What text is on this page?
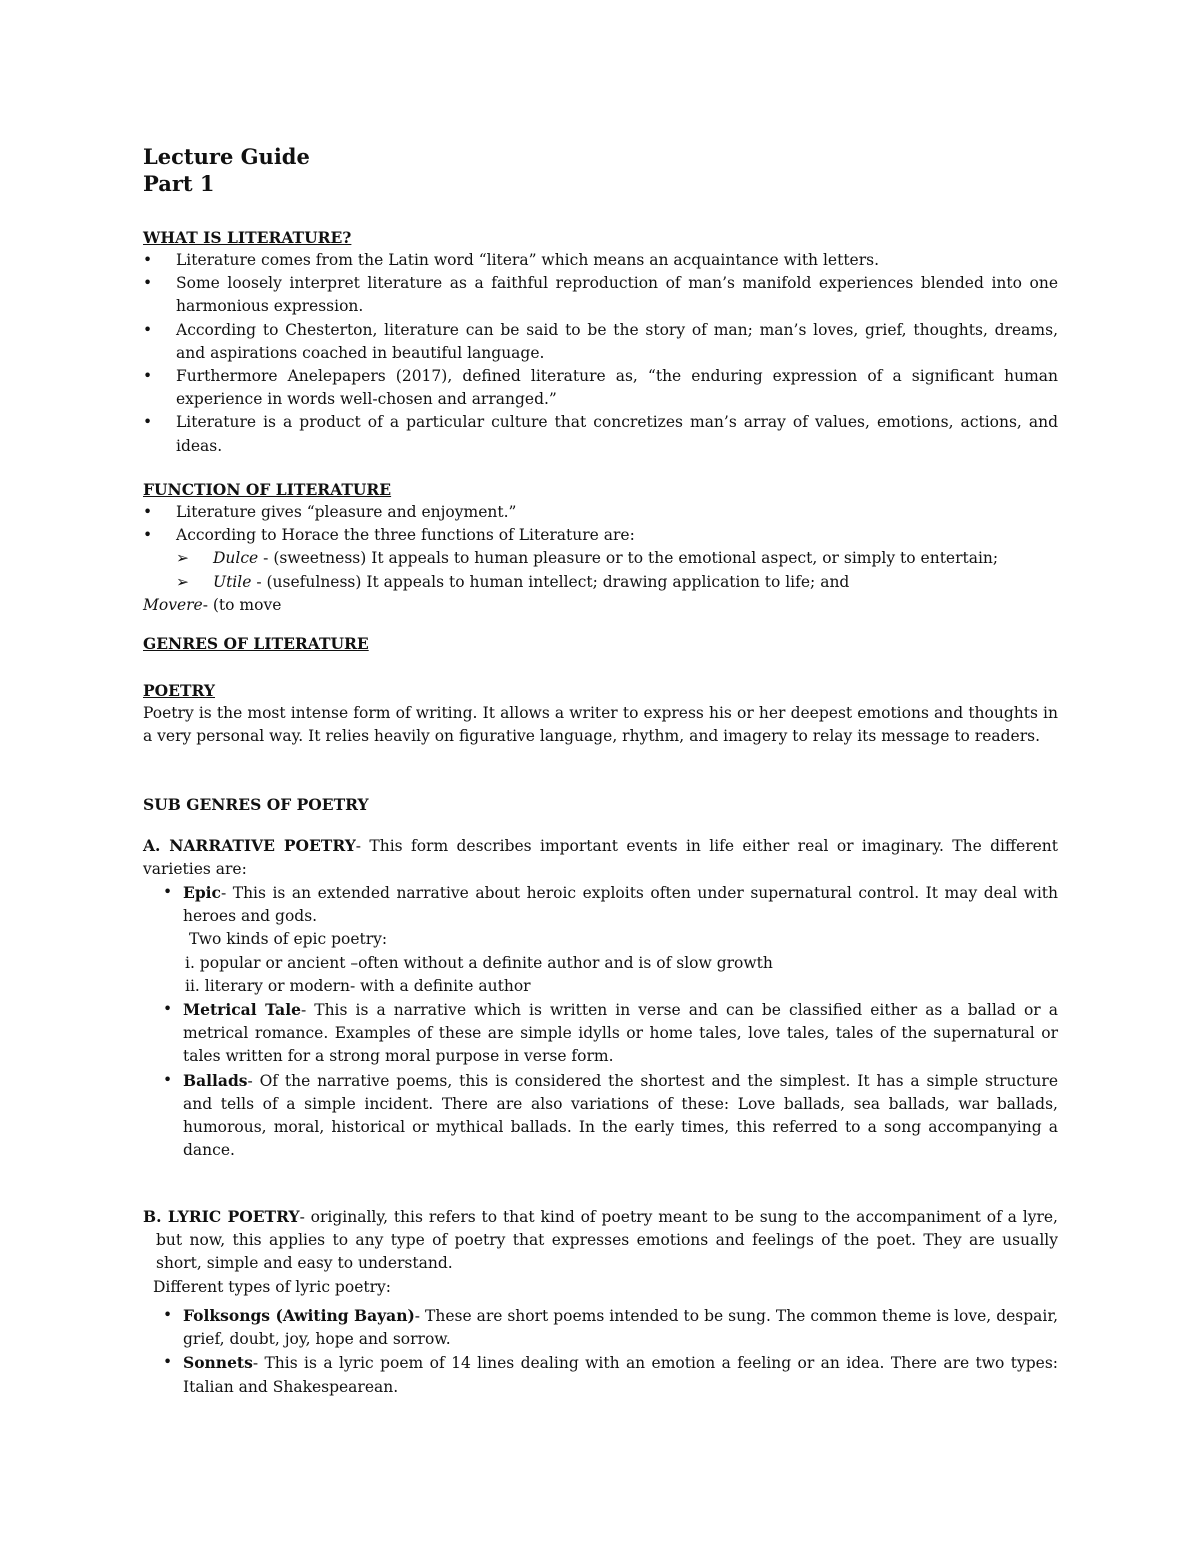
Lecture Guide
Part 1
WHAT IS LITERATURE?
• Literature comes from the Latin word “litera” which means an acquaintance with letters.
• Some loosely interpret literature as a faithful reproduction of man’s manifold experiences blended into one harmonious expression.
• According to Chesterton, literature can be said to be the story of man; man’s loves, grief, thoughts, dreams, and aspirations coached in beautiful language.
• Furthermore Anelepapers (2017), defined literature as, “the enduring expression of a significant human experience in words well-chosen and arranged.”
• Literature is a product of a particular culture that concretizes man’s array of values, emotions, actions, and ideas.
FUNCTION OF LITERATURE
• Literature gives “pleasure and enjoyment.”
• According to Horace the three functions of Literature are:
➢ Dulce - (sweetness) It appeals to human pleasure or to the emotional aspect, or simply to entertain;
➢ Utile - (usefulness) It appeals to human intellect; drawing application to life; and
Movere- (to move
GENRES OF LITERATURE
POETRY
Poetry is the most intense form of writing. It allows a writer to express his or her deepest emotions and thoughts in a very personal way. It relies heavily on figurative language, rhythm, and imagery to relay its message to readers.
SUB GENRES OF POETRY
A. NARRATIVE POETRY- This form describes important events in life either real or imaginary. The different varieties are:
• Epic- This is an extended narrative about heroic exploits often under supernatural control. It may deal with heroes and gods.
Two kinds of epic poetry:
i. popular or ancient –often without a definite author and is of slow growth
ii. literary or modern- with a definite author
• Metrical Tale- This is a narrative which is written in verse and can be classified either as a ballad or a metrical romance. Examples of these are simple idylls or home tales, love tales, tales of the supernatural or tales written for a strong moral purpose in verse form.
• Ballads- Of the narrative poems, this is considered the shortest and the simplest. It has a simple structure and tells of a simple incident. There are also variations of these: Love ballads, sea ballads, war ballads, humorous, moral, historical or mythical ballads. In the early times, this referred to a song accompanying a dance.
B. LYRIC POETRY- originally, this refers to that kind of poetry meant to be sung to the accompaniment of a lyre, but now, this applies to any type of poetry that expresses emotions and feelings of the poet. They are usually short, simple and easy to understand.
Different types of lyric poetry:
• Folksongs (Awiting Bayan)- These are short poems intended to be sung. The common theme is love, despair, grief, doubt, joy, hope and sorrow.
• Sonnets- This is a lyric poem of 14 lines dealing with an emotion a feeling or an idea. There are two types: Italian and Shakespearean.
